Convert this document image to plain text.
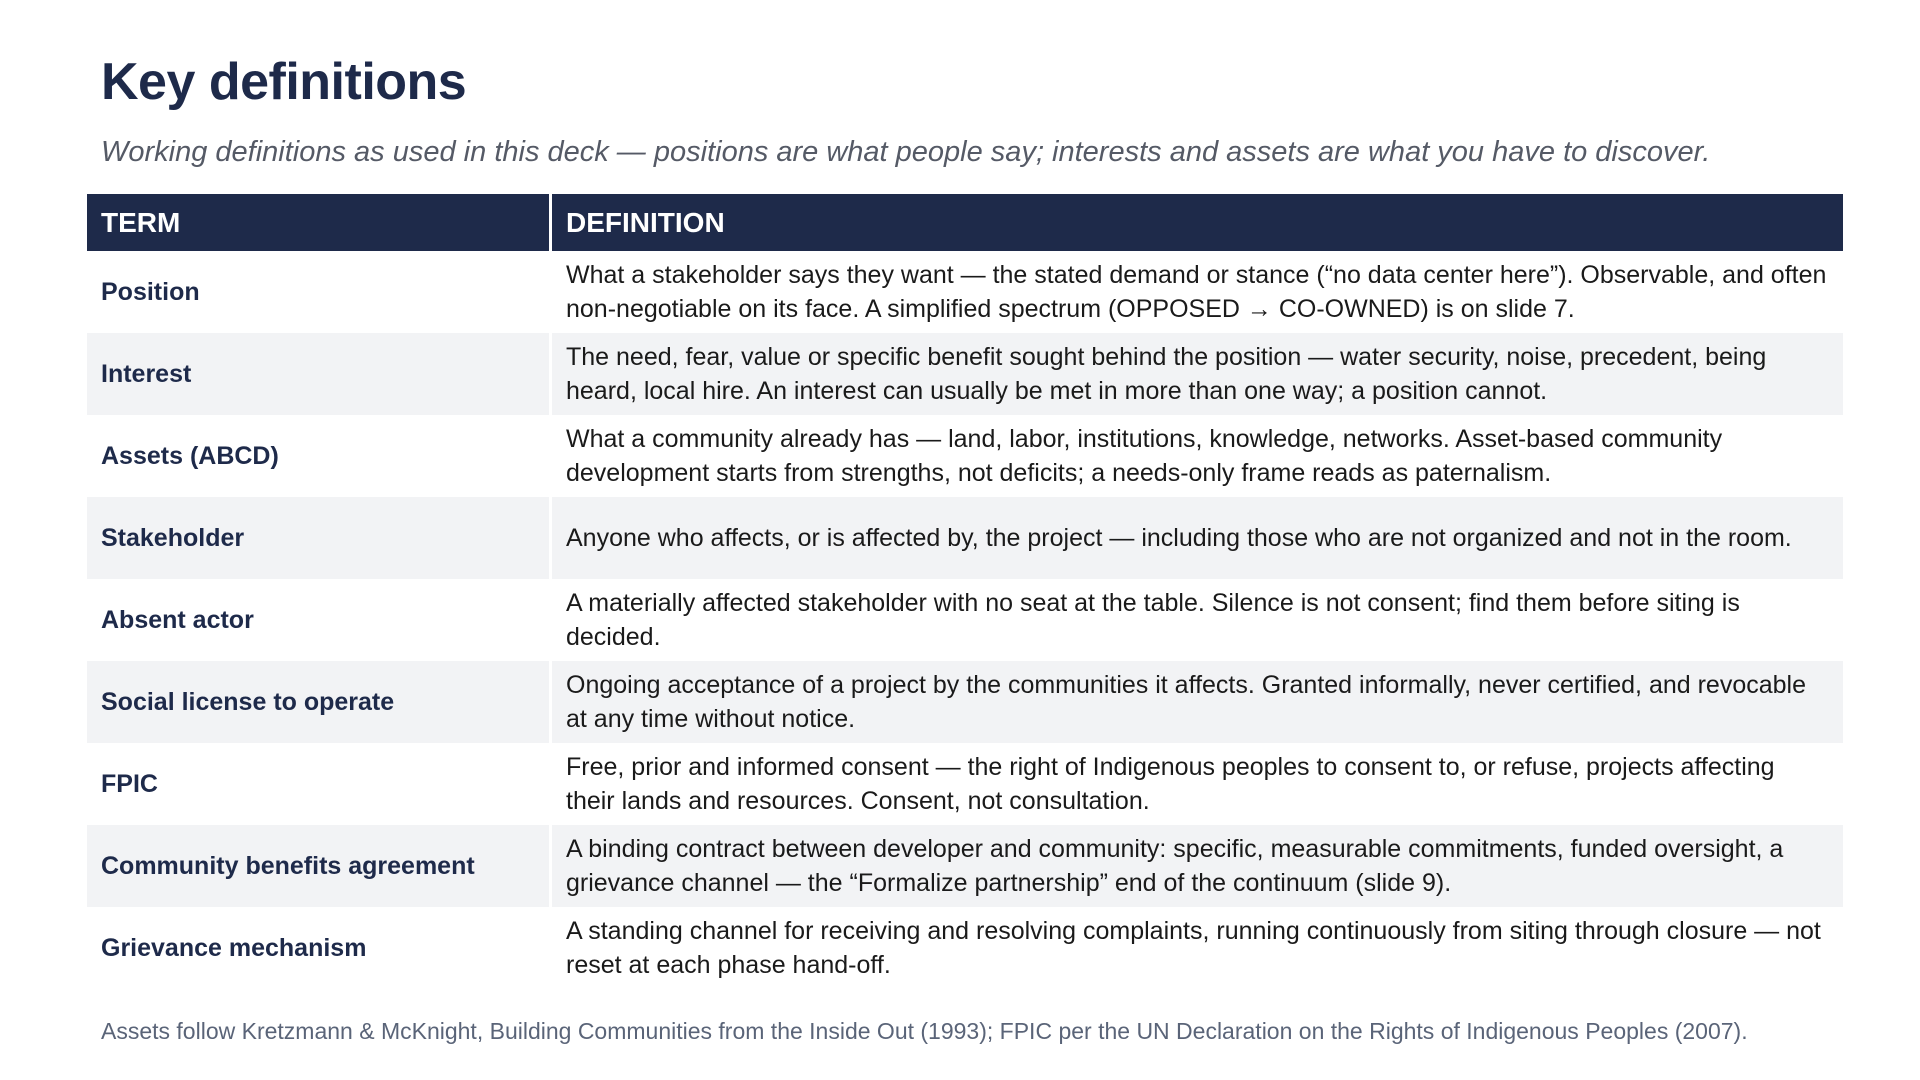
Key definitions

Working definitions as used in this deck — positions are what people say; interests and assets are what you have to discover.

TERM	DEFINITION
Position	What a stakeholder says they want — the stated demand or stance (“no data center here”). Observable, and often non-negotiable on its face. A simplified spectrum (OPPOSED → CO-OWNED) is on slide 7.
Interest	The need, fear, value or specific benefit sought behind the position — water security, noise, precedent, being heard, local hire. An interest can usually be met in more than one way; a position cannot.
Assets (ABCD)	What a community already has — land, labor, institutions, knowledge, networks. Asset-based community development starts from strengths, not deficits; a needs-only frame reads as paternalism.
Stakeholder	Anyone who affects, or is affected by, the project — including those who are not organized and not in the room.
Absent actor	A materially affected stakeholder with no seat at the table. Silence is not consent; find them before siting is decided.
Social license to operate	Ongoing acceptance of a project by the communities it affects. Granted informally, never certified, and revocable at any time without notice.
FPIC	Free, prior and informed consent — the right of Indigenous peoples to consent to, or refuse, projects affecting their lands and resources. Consent, not consultation.
Community benefits agreement	A binding contract between developer and community: specific, measurable commitments, funded oversight, a grievance channel — the “Formalize partnership” end of the continuum (slide 9).
Grievance mechanism	A standing channel for receiving and resolving complaints, running continuously from siting through closure — not reset at each phase hand-off.

Assets follow Kretzmann & McKnight, Building Communities from the Inside Out (1993); FPIC per the UN Declaration on the Rights of Indigenous Peoples (2007).
